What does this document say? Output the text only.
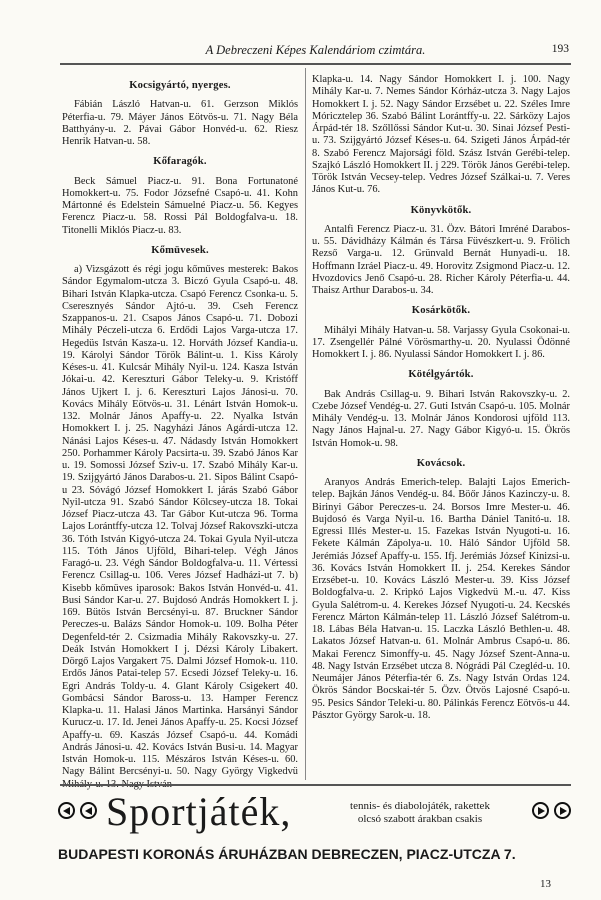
A Debreczeni Képes Kalendáriom czimtára.	193
Kocsigyártó, nyerges.

Fábián László Hatvan-u. 61. Gerzson Miklós Péterfia-u. 79. Máyer János Eötvös-u. 71. Nagy Béla Batthyány-u. 2. Pávai Gábor Honvéd-u. 62. Riesz Henrik Hatvan-u. 58.

Kőfaragók.

Beck Sámuel Piacz-u. 91. Bona Fortunatoné Homokkert-u. 75. Fodor Józsefné Csapó-u. 41. Kohn Mártonné és Edelstein Sámuelné Piacz-u. 56. Kegyes Ferencz Piacz-u. 58. Rossi Pál Boldogfalva-u. 18. Titonelli Miklós Piacz-u. 83.

Kőmüvesek.

a) Vizsgázott és régi jogu kőműves mesterek: Bakos Sándor Egymalom-utcza 3. Biczó Gyula Csapó-u. 48. Bihari István Klapka-utcza. Csapó Ferencz Csonka-u. 5. Cseresznyés Sándor Ajtó-u. 39. Cseh Ferencz Szappanos-u. 21. Csapos János Csapó-u. 71. Dobozi Mihály Péczeli-utcza 6. Erdődi Lajos Varga-utcza 17. Hegedüs István Kasza-u. 12. Horváth József Kandia-u. 19. Károlyi Sándor Török Bálint-u. 1. Kiss Károly Késes-u. 41. Kulcsár Mihály Nyil-u. 124. Kasza István Jókai-u. 42. Kereszturi Gábor Teleky-u. 9. Kristóff János Ujkert I. j. 6. Kereszturi Lajos Jánosi-u. 70. Kovács Mihály Eötvös-u. 31. Lénárt István Homok-u. 132. Molnár János Apaffy-u. 22. Nyalka István Homokkert I. j. 25. Nagyházi János Agárdi-utcza 12. Nánási Lajos Késes-u. 47. Nádasdy István Homokkert 250. Porhammer Károly Pacsirta-u. 39. Szabó János Kar u. 19. Somossi József Sziv-u. 17. Szabó Mihály Kar-u. 19. Szijgyártó János Darabos-u. 21. Sipos Bálint Csapó-u 23. Sóvágó József Homokkert I. járás Szabó Gábor Nyil-utcza 91. Szabó Sándor Kölcsey-utcza 18. Tokai József Piacz-utcza 43. Tar Gábor Kut-utcza 96. Torma Lajos Lorántffy-utcza 12. Tolvaj József Rakovszki-utcza 36. Tóth István Kigyó-utcza 24. Tokai Gyula Nyil-utcza 115. Tóth János Ujföld, Bihari-telep. Végh János Faragó-u. 23. Végh Sándor Boldogfalva-u. 11. Vértessi Ferencz Csillag-u. 106. Veres József Hadházi-ut 7. b) Kisebb kőmüves iparosok: Bakos István Honvéd-u. 41. Busi Sándor Kar-u. 27. Bujdosó András Homokkert I. j. 169. Bütös István Bercsényi-u. 87. Bruckner Sándor Pereczes-u. Balázs Sándor Homok-u. 109. Bolha Péter Degenfeld-tér 2. Csizmadia Mihály Rakovszky-u. 27. Deák István Homokkert I j. Dézsi Károly Libakert. Dörgő Lajos Vargakert 75. Dalmi József Homok-u. 110. Erdős János Patai-telep 57. Ecsedi József Teleky-u. 16. Egri András Toldy-u. 4. Glant Károly Csigekert 40. Gombácsi Sándor Baross-u. 13. Hamper Ferencz Klapka-u. 11. Halasi János Martinka. Harsányi Sándor Kurucz-u. 17. Id. Jenei János Apaffy-u. 25. Kocsi József Apaffy-u. 69. Kaszás József Csapó-u. 44. Komádi András Jánosi-u. 42. Kovács István Busi-u. 14. Magyar István Homok-u. 115. Mészáros István Késes-u. 60. Nagy Bálint Bercsényi-u. 50. Nagy György Vigkedvü

Klapka-u. 14. Nagy Sándor Homokkert I. j. 100. Nagy Mihály Kar-u. 7. Nemes Sándor Kórház-utcza 3. Nagy Lajos Homokkert I. j. 52. Nagy Sándor Erzsébet u. 22. Széles Imre Móricztelep 36. Szabó Bálint Lorántffy-u. 22. Sárközy Lajos Árpád-tér 18. Szőllőssi Sándor Kut-u. 30. Sinai József Pesti-u. 73. Szijgyártó József Késes-u. 64. Szigeti János Árpád-tér 8. Szabó Ferencz Majorsági föld. Szász István Gerébi-telep. Szajkó László Homokkert II. j 229. Török János Gerébi-telep. Török István Vecsey-telep. Vedres József Szálkai-u. 7. Veres János Kut-u. 76.

Könyvkötők.

Antalfi Ferencz Piacz-u. 31. Özv. Bátori Imréné Darabos-u. 55. Dávidházy Kálmán és Társa Füvészkert-u. 9. Frölich Rezső Varga-u. 12. Grünvald Bernát Hunyadi-u. 18. Hoffmann Izráel Piacz-u. 49. Horovitz Zsigmond Piacz-u. 12. Hvozdovics Jenő Csapó-u. 28. Richer Károly Péterfia-u. 44. Thaisz Arthur Darabos-u. 34.

Kosárkötők.

Mihályi Mihály Hatvan-u. 58. Varjassy Gyula Csokonai-u. 17. Zsengellér Pálné Vörösmarthy-u. 20. Nyulassi Ödönné Homokkert I. j. 86. Nyulassi Sándor Homokkert I. j. 86.

Kötélgyártók.

Bak András Csillag-u. 9. Bihari István Rakovszky-u. 2. Czebe József Vendég-u. 27. Guti István Csapó-u. 105. Molnár Mihály Vendég-u. 13. Molnár János Kondorosi ujföld 113. Nagy János Hajnal-u. 27. Nagy Gábor Kigyó-u. 15. Ökrös István Homok-u. 98.

Kovácsok.

Aranyos András Emerich-telep. Balajti Lajos Emerich-telep. Bajkán János Vendég-u. 84. Böőr János Kazinczy-u. 8. Birinyi Gábor Pereczes-u. 24. Borsos Imre Mester-u. 46. Bujdosó és Varga Nyil-u. 16. Bartha Dániel Tanitó-u. 18. Egressi Illés Mester-u. 15. Fazekas István Nyugoti-u. 16. Fekete Kálmán Zápolya-u. 10. Háló Sándor Ujföld 58. Jerémiás József Apaffy-u. 155. Ifj. Jerémiás József Kinizsi-u. 36. Kovács István Homokkert II. j. 254. Kerekes Sándor Erzsébet-u. 10. Kovács László Mester-u. 39. Kiss József Boldogfalva-u. 2. Kripkó Lajos Vigkedvü M.-u. 47. Kiss Gyula Salétrom-u. 4. Kerekes József Nyugoti-u. 24. Kecskés Ferencz Márton Kálmán-telep 11. László József Salétrom-u. 18. Lábas Béla Hatvan-u. 15. Laczka László Bethlen-u. 48. Lakatos József Hatvan-u. 61. Molnár Ambrus Csapó-u. 86. Makai Ferencz Simonffy-u. 45. Nagy József Szent-Anna-u. 48. Nagy István Erzsébet utcza 8. Nógrádi Pál Czegléd-u. 10. Neumájer János Péterfia-tér 6. Zs. Nagy István Ordas 124. Ökrös Sándor Bocskai-tér 5. Özv. Ötvös Lajosné Csapó-u. 95. Pesics Sándor Teleki-u. 80. Pálinkás Ferencz Eötvös-u 44. Pásztor György Sarok-u. 18.

Sportjáték,	tennis- és diabolojáték, rakettek
olcsó szabott árakban csakis
BUDAPESTI KORONÁS ÁRUHÁZBAN DEBRECZEN, PIACZ-UTCZA 7.
13
